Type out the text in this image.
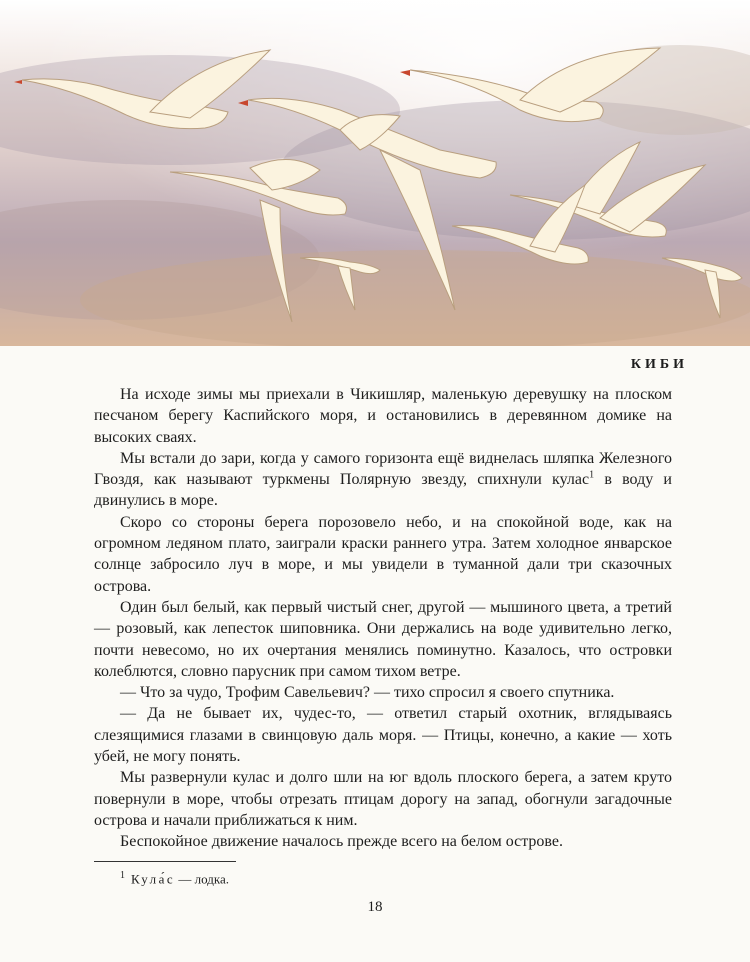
КИБИ

На исходе зимы мы приехали в Чикишляр, маленькую деревушку на плоском песчаном берегу Каспийского моря, и остановились в деревянном домике на высоких сваях.

Мы встали до зари, когда у самого горизонта ещё виднелась шляпка Железного Гвоздя, как называют туркмены Полярную звезду, спихнули кулас$^1$ в воду и двинулись в море.

Скоро со стороны берега порозовело небо, и на спокойной воде, как на огромном ледяном плато, заиграли краски раннего утра. Затем холодное январское солнце забросило луч в море, и мы увидели в туманной дали три сказочных острова.

Один был белый, как первый чистый снег, другой — мышиного цвета, а третий — розовый, как лепесток шиповника. Они держались на воде удивительно легко, почти невесомо, но их очертания менялись поминутно. Казалось, что островки колеблются, словно парусник при самом тихом ветре.

— Что за чудо, Трофим Савельевич? — тихо спросил я своего спутника.

— Да не бывает их, чудес-то, — ответил старый охотник, вглядываясь слезящимися глазами в свинцовую даль моря. — Птицы, конечно, а какие — хоть убей, не могу понять.

Мы развернули кулас и долго шли на юг вдоль плоского берега, а затем круто повернули в море, чтобы отрезать птицам дорогу на запад, обогнули загадочные острова и начали приближаться к ним.

Беспокойное движение началось прежде всего на белом острове.

$^1$ Кула́с — лодка.
18
